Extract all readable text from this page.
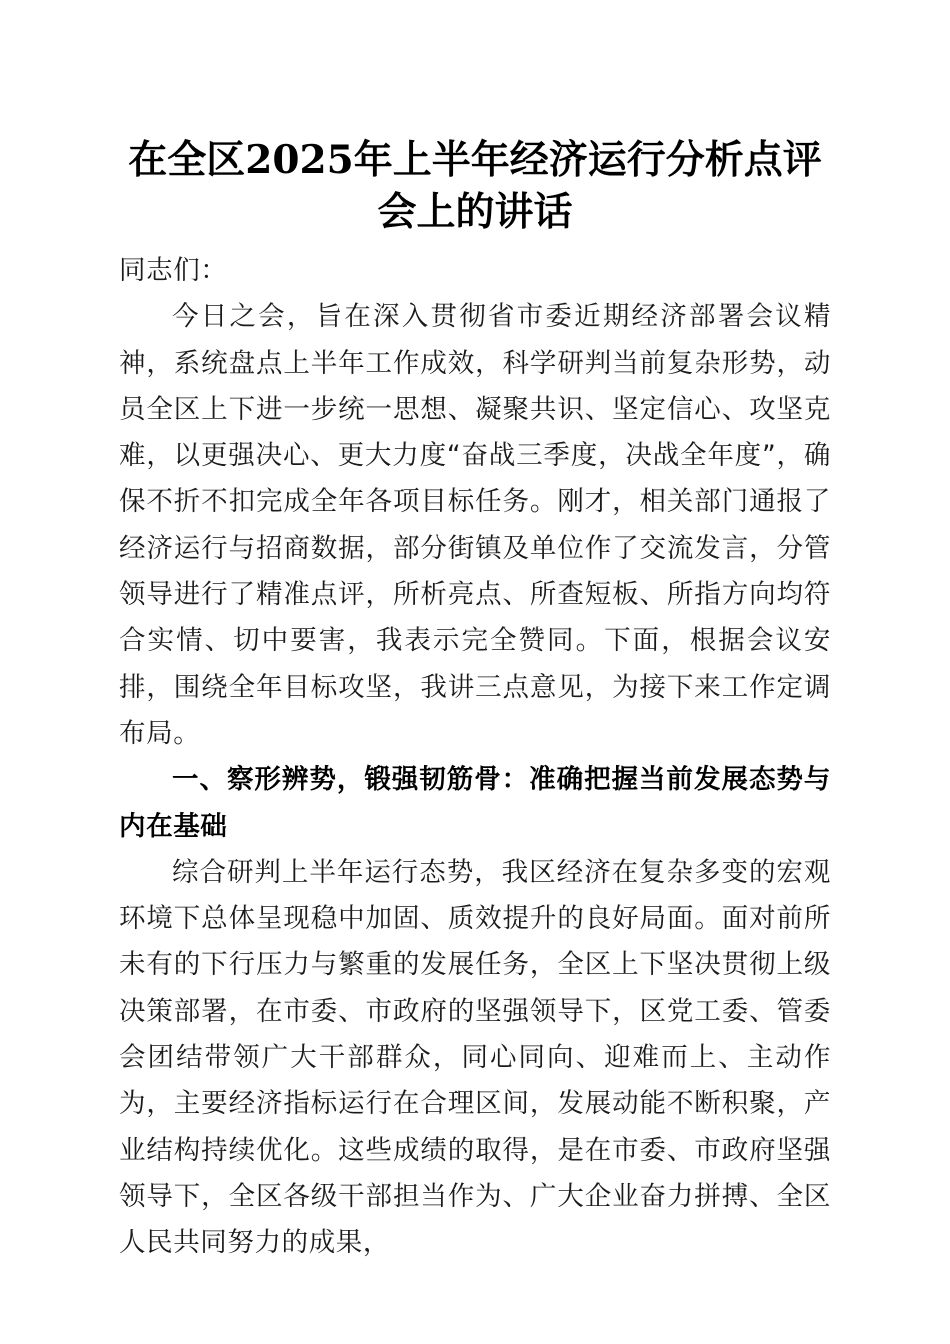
在全区2025年上半年经济运行分析点评会上的讲话

同志们：

今日之会，旨在深入贯彻省市委近期经济部署会议精神，系统盘点上半年工作成效，科学研判当前复杂形势，动员全区上下进一步统一思想、凝聚共识、坚定信心、攻坚克难，以更强决心、更大力度“奋战三季度，决战全年度”，确保不折不扣完成全年各项目标任务。刚才，相关部门通报了经济运行与招商数据，部分街镇及单位作了交流发言，分管领导进行了精准点评，所析亮点、所查短板、所指方向均符合实情、切中要害，我表示完全赞同。下面，根据会议安排，围绕全年目标攻坚，我讲三点意见，为接下来工作定调布局。

一、察形辨势，锻强韧筋骨：准确把握当前发展态势与内在基础

综合研判上半年运行态势，我区经济在复杂多变的宏观环境下总体呈现稳中加固、质效提升的良好局面。面对前所未有的下行压力与繁重的发展任务，全区上下坚决贯彻上级决策部署，在市委、市政府的坚强领导下，区党工委、管委会团结带领广大干部群众，同心同向、迎难而上、主动作为，主要经济指标运行在合理区间，发展动能不断积聚，产业结构持续优化。这些成绩的取得，是在市委、市政府坚强领导下，全区各级干部担当作为、广大企业奋力拼搏、全区人民共同努力的成果，
